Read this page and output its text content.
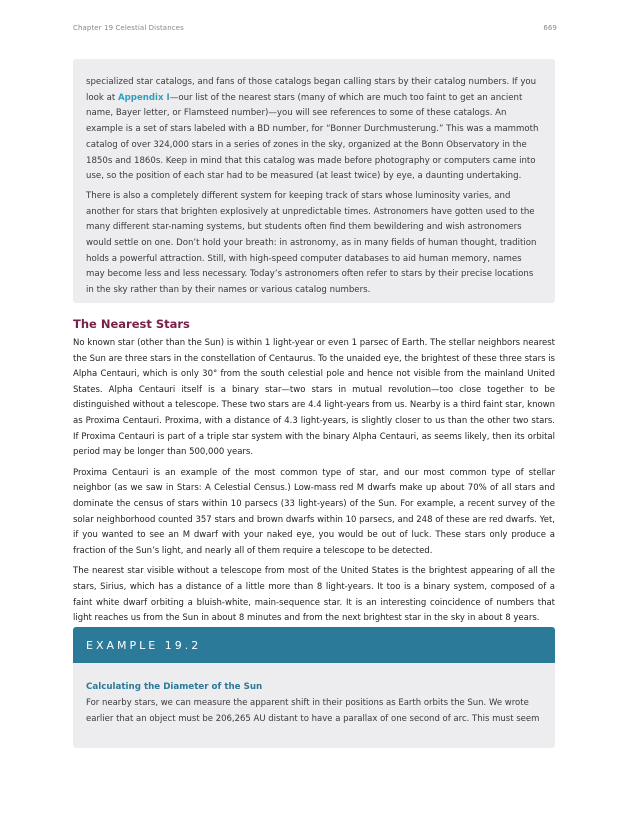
Chapter 19 Celestial Distances	669

specialized star catalogs, and fans of those catalogs began calling stars by their catalog numbers. If you look at Appendix I—our list of the nearest stars (many of which are much too faint to get an ancient name, Bayer letter, or Flamsteed number)—you will see references to some of these catalogs. An example is a set of stars labeled with a BD number, for “Bonner Durchmusterung.” This was a mammoth catalog of over 324,000 stars in a series of zones in the sky, organized at the Bonn Observatory in the 1850s and 1860s. Keep in mind that this catalog was made before photography or computers came into use, so the position of each star had to be measured (at least twice) by eye, a daunting undertaking.

There is also a completely different system for keeping track of stars whose luminosity varies, and another for stars that brighten explosively at unpredictable times. Astronomers have gotten used to the many different star-naming systems, but students often find them bewildering and wish astronomers would settle on one. Don’t hold your breath: in astronomy, as in many fields of human thought, tradition holds a powerful attraction. Still, with high-speed computer databases to aid human memory, names may become less and less necessary. Today’s astronomers often refer to stars by their precise locations in the sky rather than by their names or various catalog numbers.

The Nearest Stars

No known star (other than the Sun) is within 1 light-year or even 1 parsec of Earth. The stellar neighbors nearest the Sun are three stars in the constellation of Centaurus. To the unaided eye, the brightest of these three stars is Alpha Centauri, which is only 30° from the south celestial pole and hence not visible from the mainland United States. Alpha Centauri itself is a binary star—two stars in mutual revolution—too close together to be distinguished without a telescope. These two stars are 4.4 light-years from us. Nearby is a third faint star, known as Proxima Centauri. Proxima, with a distance of 4.3 light-years, is slightly closer to us than the other two stars. If Proxima Centauri is part of a triple star system with the binary Alpha Centauri, as seems likely, then its orbital period may be longer than 500,000 years.

Proxima Centauri is an example of the most common type of star, and our most common type of stellar neighbor (as we saw in Stars: A Celestial Census.) Low-mass red M dwarfs make up about 70% of all stars and dominate the census of stars within 10 parsecs (33 light-years) of the Sun. For example, a recent survey of the solar neighborhood counted 357 stars and brown dwarfs within 10 parsecs, and 248 of these are red dwarfs. Yet, if you wanted to see an M dwarf with your naked eye, you would be out of luck. These stars only produce a fraction of the Sun’s light, and nearly all of them require a telescope to be detected.

The nearest star visible without a telescope from most of the United States is the brightest appearing of all the stars, Sirius, which has a distance of a little more than 8 light-years. It too is a binary system, composed of a faint white dwarf orbiting a bluish-white, main-sequence star. It is an interesting coincidence of numbers that light reaches us from the Sun in about 8 minutes and from the next brightest star in the sky in about 8 years.

EXAMPLE 19.2
Calculating the Diameter of the Sun

For nearby stars, we can measure the apparent shift in their positions as Earth orbits the Sun. We wrote earlier that an object must be 206,265 AU distant to have a parallax of one second of arc. This must seem
